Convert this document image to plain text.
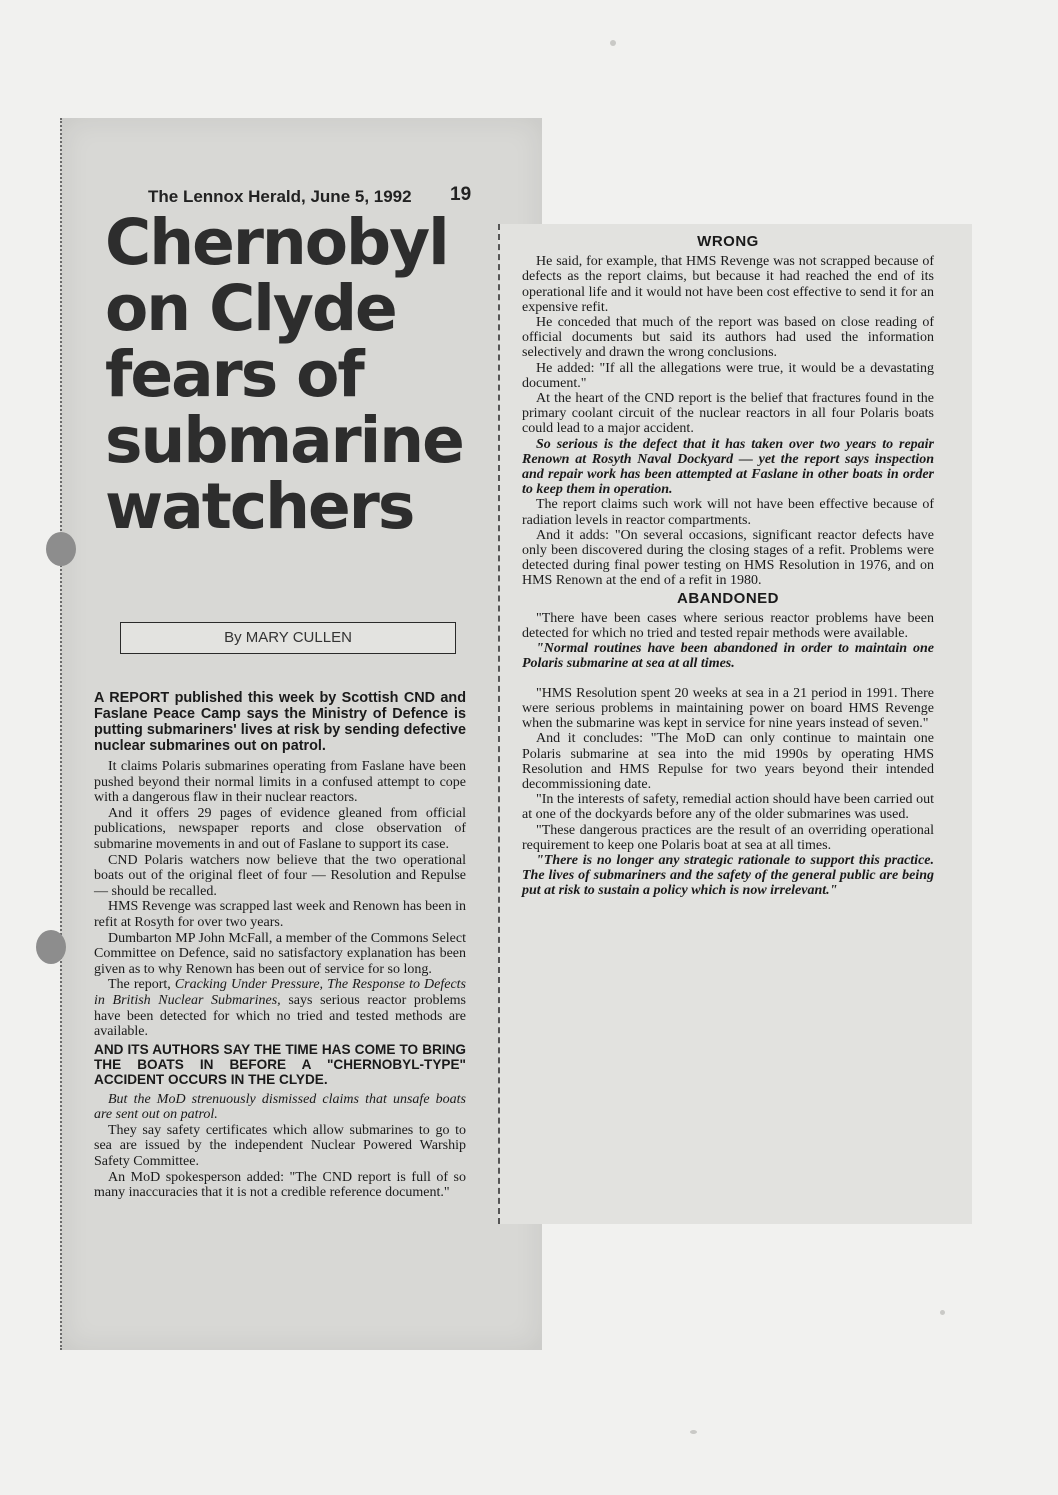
The Lennox Herald, June 5, 1992 19
Chernobyl
on Clyde
fears of
submarine
watchers
By MARY CULLEN

A REPORT published this week by Scottish CND and Faslane Peace Camp says the Ministry of Defence is putting submariners' lives at risk by sending defective nuclear submarines out on patrol.

It claims Polaris submarines operating from Faslane have been pushed beyond their normal limits in a confused attempt to cope with a dangerous flaw in their nuclear reactors.

And it offers 29 pages of evidence gleaned from official publications, newspaper reports and close observation of submarine movements in and out of Faslane to support its case.

CND Polaris watchers now believe that the two operational boats out of the original fleet of four — Resolution and Repulse — should be recalled.

HMS Revenge was scrapped last week and Renown has been in refit at Rosyth for over two years.

Dumbarton MP John McFall, a member of the Commons Select Committee on Defence, said no satisfactory explanation has been given as to why Renown has been out of service for so long.

The report, Cracking Under Pressure, The Response to Defects in British Nuclear Submarines, says serious reactor problems have been detected for which no tried and tested methods are available.

AND ITS AUTHORS SAY THE TIME HAS COME TO BRING THE BOATS IN BEFORE A "CHERNOBYL-TYPE" ACCIDENT OCCURS IN THE CLYDE.

But the MoD strenuously dismissed claims that unsafe boats are sent out on patrol.

They say safety certificates which allow submarines to go to sea are issued by the independent Nuclear Powered Warship Safety Committee.

An MoD spokesperson added: "The CND report is full of so many inaccuracies that it is not a credible reference document."

WRONG

He said, for example, that HMS Revenge was not scrapped because of defects as the report claims, but because it had reached the end of its operational life and it would not have been cost effective to send it for an expensive refit.

He conceded that much of the report was based on close reading of official documents but said its authors had used the information selectively and drawn the wrong conclusions.

He added: "If all the allegations were true, it would be a devastating document."

At the heart of the CND report is the belief that fractures found in the primary coolant circuit of the nuclear reactors in all four Polaris boats could lead to a major accident.

So serious is the defect that it has taken over two years to repair Renown at Rosyth Naval Dockyard — yet the report says inspection and repair work has been attempted at Faslane in other boats in order to keep them in operation.

The report claims such work will not have been effective because of radiation levels in reactor compartments.

And it adds: "On several occasions, significant reactor defects have only been discovered during the closing stages of a refit. Problems were detected during final power testing on HMS Resolution in 1976, and on HMS Renown at the end of a refit in 1980.

ABANDONED

"There have been cases where serious reactor problems have been detected for which no tried and tested repair methods were available.

"Normal routines have been abandoned in order to maintain one Polaris submarine at sea at all times.

"HMS Resolution spent 20 weeks at sea in a 21 period in 1991. There were serious problems in maintaining power on board HMS Revenge when the submarine was kept in service for nine years instead of seven."

And it concludes: "The MoD can only continue to maintain one Polaris submarine at sea into the mid 1990s by operating HMS Resolution and HMS Repulse for two years beyond their intended decommissioning date.

"In the interests of safety, remedial action should have been carried out at one of the dockyards before any of the older submarines was used.

"These dangerous practices are the result of an overriding operational requirement to keep one Polaris boat at sea at all times.

"There is no longer any strategic rationale to support this practice. The lives of submariners and the safety of the general public are being put at risk to sustain a policy which is now irrelevant."
